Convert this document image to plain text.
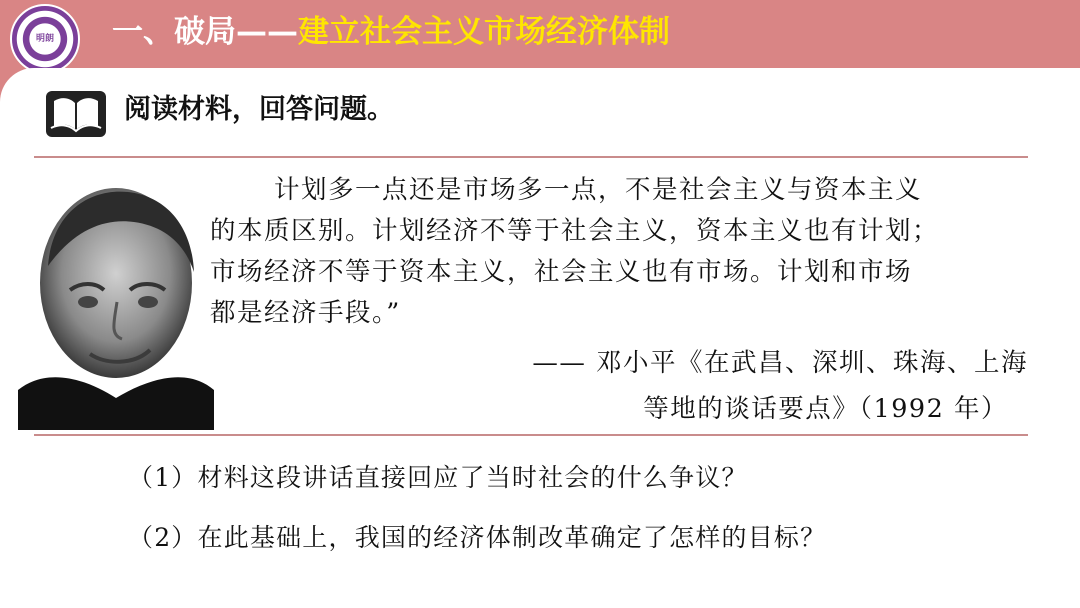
明朗 一、破局——建立社会主义市场经济体制
阅读材料，回答问题。
计划多一点还是市场多一点，不是社会主义与资本主义
的本质区别。计划经济不等于社会主义，资本主义也有计划；
市场经济不等于资本主义，社会主义也有市场。计划和市场
都是经济手段。”
—— 邓小平《在武昌、深圳、珠海、上海
等地的谈话要点》（1992 年）
（1）材料这段讲话直接回应了当时社会的什么争议？
（2）在此基础上，我国的经济体制改革确定了怎样的目标？
